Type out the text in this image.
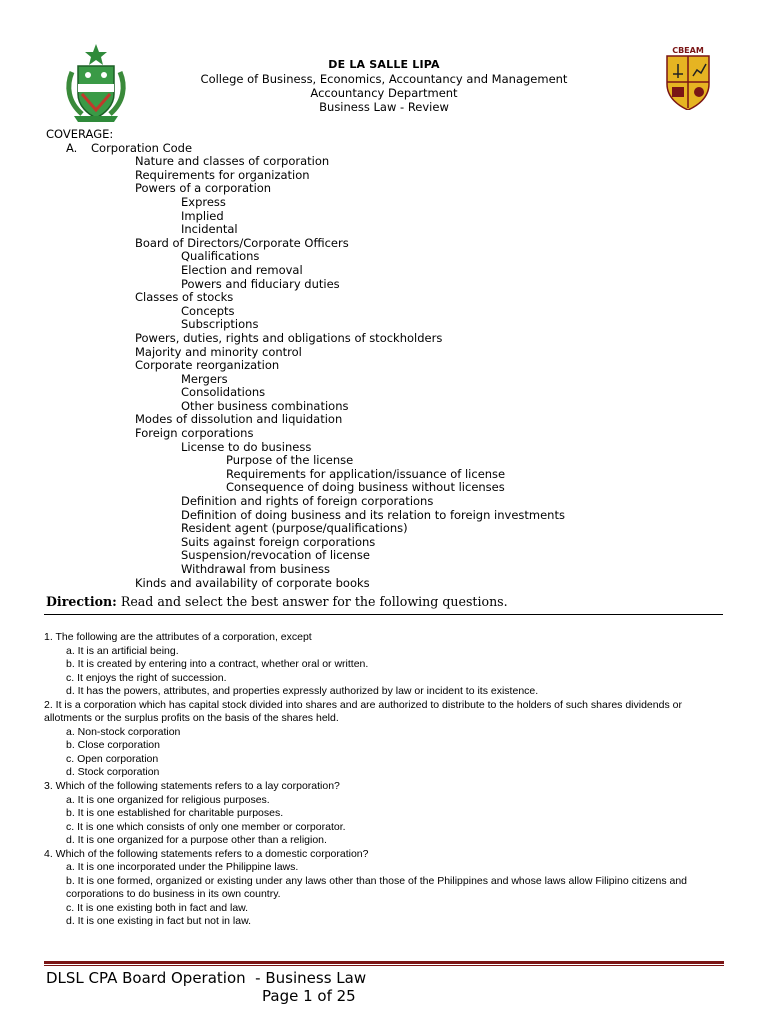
DE LA SALLE LIPA
College of Business, Economics, Accountancy and Management
Accountancy Department
Business Law - Review
CBEAM
COVERAGE:
A. Corporation Code
Nature and classes of corporation
Requirements for organization
Powers of a corporation
Express
Implied
Incidental
Board of Directors/Corporate Officers
Qualifications
Election and removal
Powers and fiduciary duties
Classes of stocks
Concepts
Subscriptions
Powers, duties, rights and obligations of stockholders
Majority and minority control
Corporate reorganization
Mergers
Consolidations
Other business combinations
Modes of dissolution and liquidation
Foreign corporations
License to do business
Purpose of the license
Requirements for application/issuance of license
Consequence of doing business without licenses
Definition and rights of foreign corporations
Definition of doing business and its relation to foreign investments
Resident agent (purpose/qualifications)
Suits against foreign corporations
Suspension/revocation of license
Withdrawal from business
Kinds and availability of corporate books
Direction: Read and select the best answer for the following questions.
1. The following are the attributes of a corporation, except
a. It is an artificial being.
b. It is created by entering into a contract, whether oral or written.
c. It enjoys the right of succession.
d. It has the powers, attributes, and properties expressly authorized by law or incident to its existence.
2. It is a corporation which has capital stock divided into shares and are authorized to distribute to the holders of such shares dividends or allotments or the surplus profits on the basis of the shares held.
a. Non-stock corporation
b. Close corporation
c. Open corporation
d. Stock corporation
3. Which of the following statements refers to a lay corporation?
a. It is one organized for religious purposes.
b. It is one established for charitable purposes.
c. It is one which consists of only one member or corporator.
d. It is one organized for a purpose other than a religion.
4. Which of the following statements refers to a domestic corporation?
a. It is one incorporated under the Philippine laws.
b. It is one formed, organized or existing under any laws other than those of the Philippines and whose laws allow Filipino citizens and corporations to do business in its own country.
c. It is one existing both in fact and law.
d. It is one existing in fact but not in law.
DLSL CPA Board Operation  - Business Law
Page 1 of 25
